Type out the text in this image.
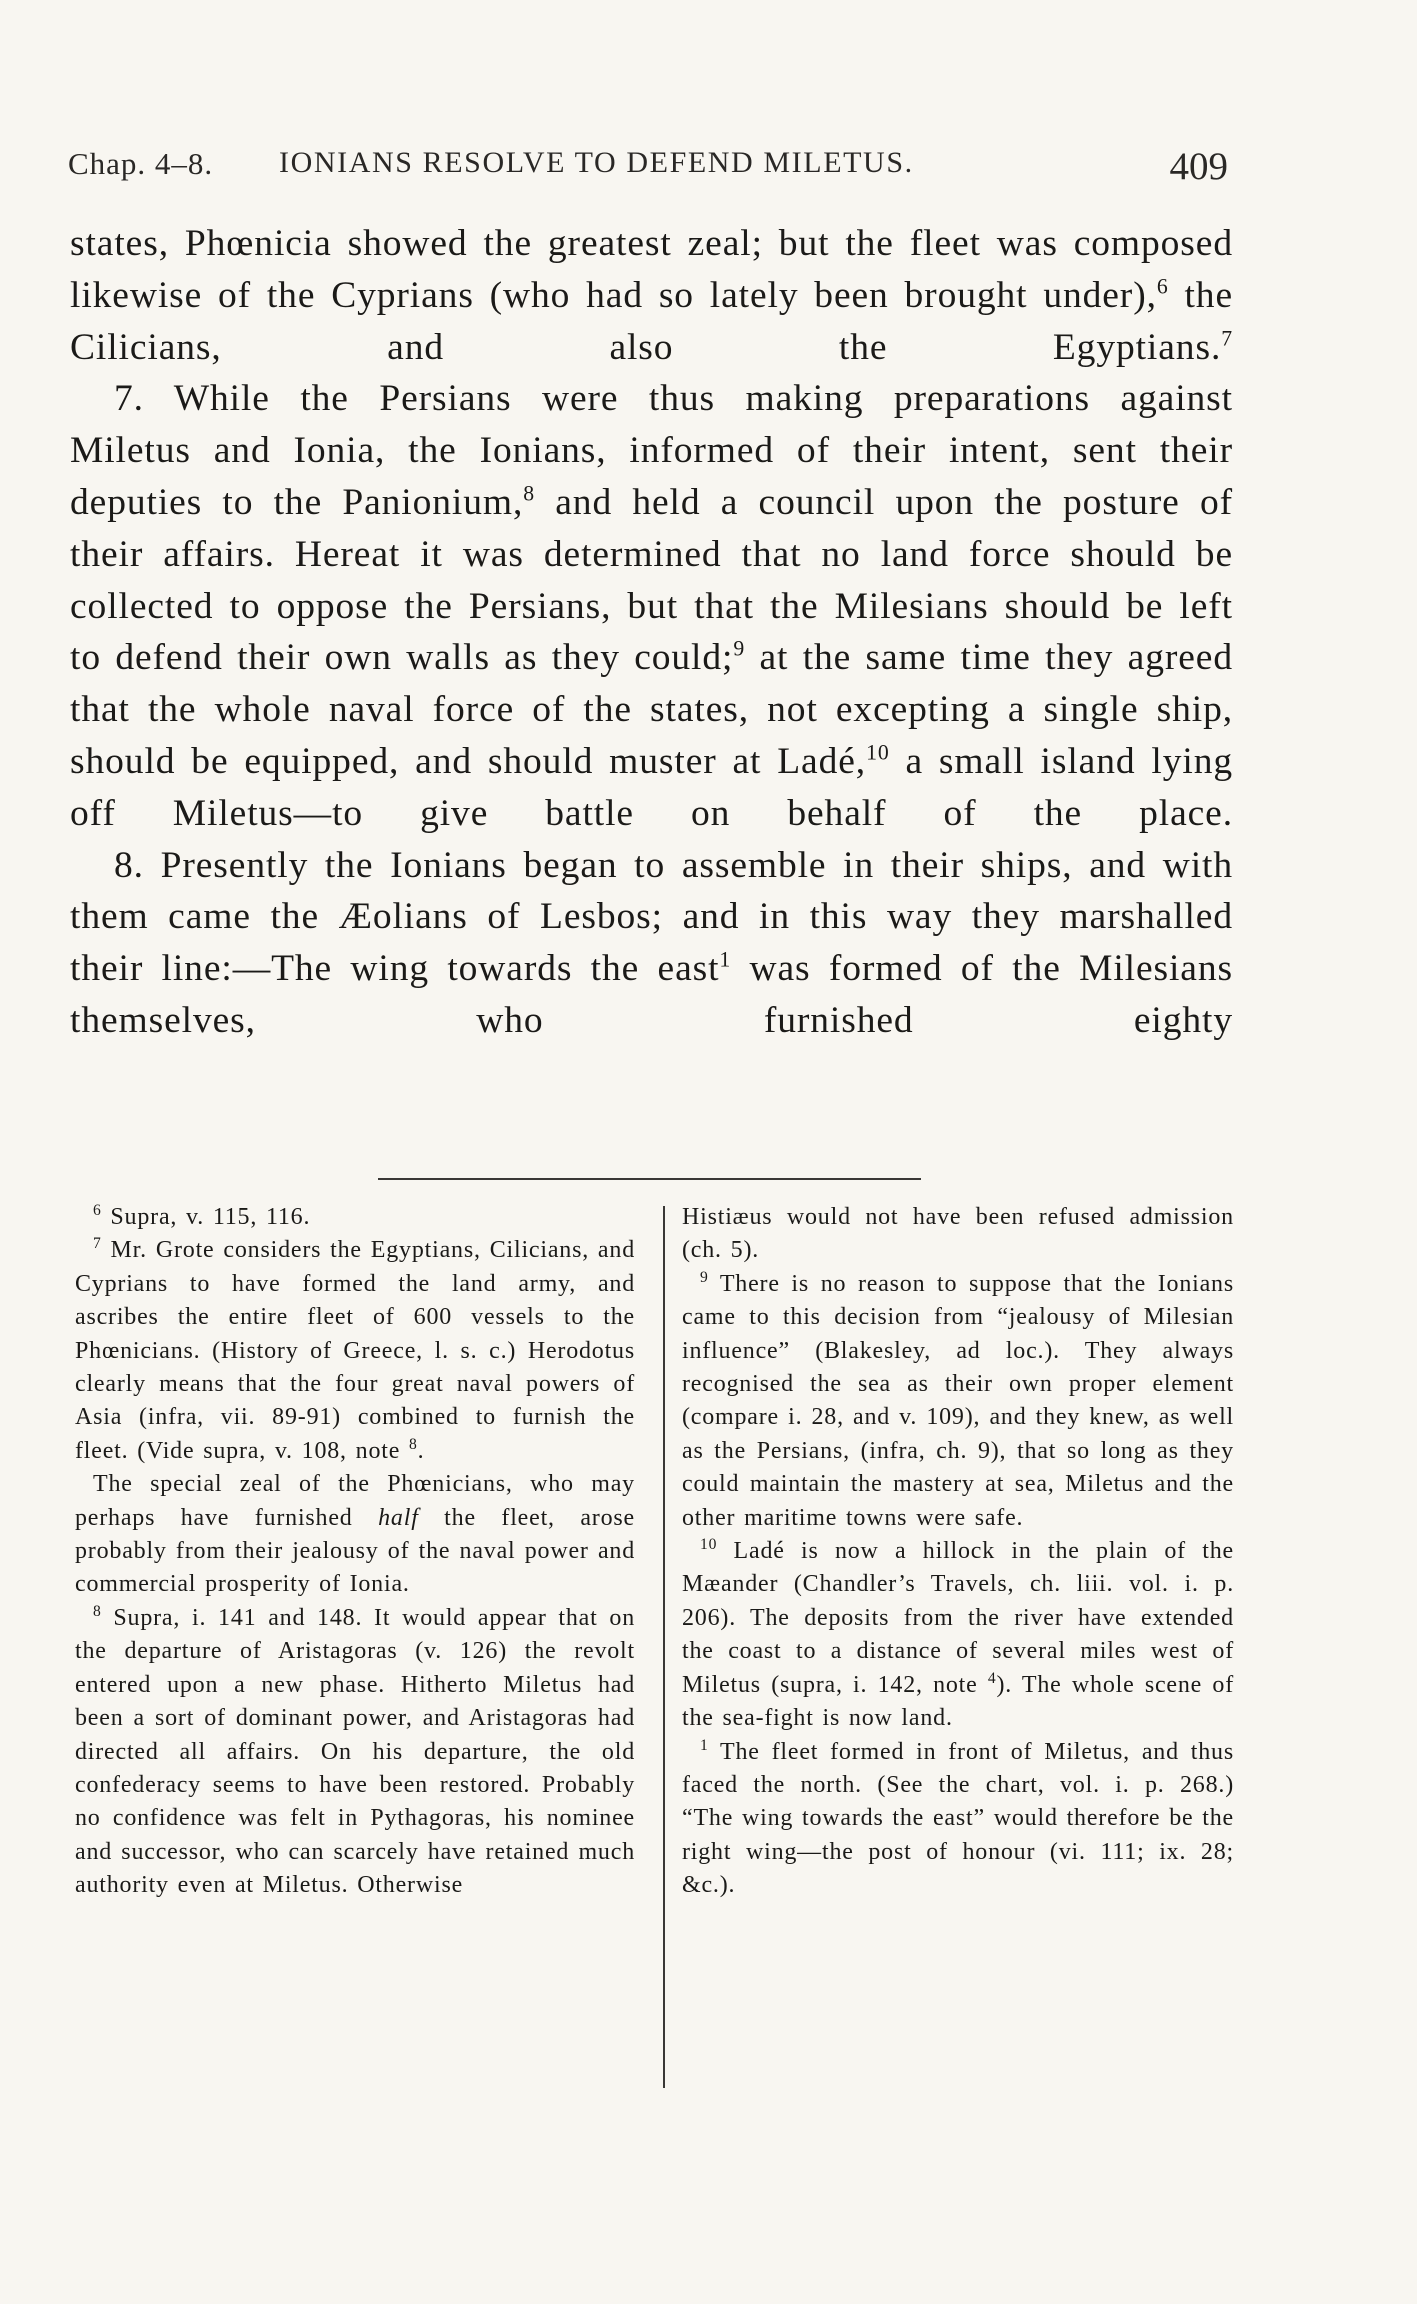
Chap. 4–8. IONIANS RESOLVE TO DEFEND MILETUS.	409

states, Phœnicia showed the greatest zeal; but the fleet was composed likewise of the Cyprians (who had so lately been brought under),$^6$ the Cilicians, and also the Egyptians.$^7$

7. While the Persians were thus making preparations against Miletus and Ionia, the Ionians, informed of their intent, sent their deputies to the Panionium,$^8$ and held a council upon the posture of their affairs. Hereat it was determined that no land force should be collected to oppose the Persians, but that the Milesians should be left to defend their own walls as they could;$^9$ at the same time they agreed that the whole naval force of the states, not excepting a single ship, should be equipped, and should muster at Ladé,$^{10}$ a small island lying off Miletus—to give battle on behalf of the place.

8. Presently the Ionians began to assemble in their ships, and with them came the Æolians of Lesbos; and in this way they marshalled their line:—The wing towards the east$^1$ was formed of the Milesians themselves, who furnished eighty

$^6$ Supra, v. 115, 116.

$^7$ Mr. Grote considers the Egyptians, Cilicians, and Cyprians to have formed the land army, and ascribes the entire fleet of 600 vessels to the Phœnicians. (History of Greece, l. s. c.) Herodotus clearly means that the four great naval powers of Asia (infra, vii. 89-91) combined to furnish the fleet. (Vide supra, v. 108, note $^8$.

The special zeal of the Phœnicians, who may perhaps have furnished half the fleet, arose probably from their jealousy of the naval power and commercial prosperity of Ionia.

$^8$ Supra, i. 141 and 148. It would appear that on the departure of Aristagoras (v. 126) the revolt entered upon a new phase. Hitherto Miletus had been a sort of dominant power, and Aristagoras had directed all affairs. On his departure, the old confederacy seems to have been restored. Probably no confidence was felt in Pythagoras, his nominee and successor, who can scarcely have retained much authority even at Miletus. Otherwise

Histiæus would not have been refused admission (ch. 5).

$^9$ There is no reason to suppose that the Ionians came to this decision from “jealousy of Milesian influence” (Blakesley, ad loc.). They always recognised the sea as their own proper element (compare i. 28, and v. 109), and they knew, as well as the Persians, (infra, ch. 9), that so long as they could maintain the mastery at sea, Miletus and the other maritime towns were safe.

$^{10}$ Ladé is now a hillock in the plain of the Mæander (Chandler’s Travels, ch. liii. vol. i. p. 206). The deposits from the river have extended the coast to a distance of several miles west of Miletus (supra, i. 142, note $^4$). The whole scene of the sea-fight is now land.

$^1$ The fleet formed in front of Miletus, and thus faced the north. (See the chart, vol. i. p. 268.) “The wing towards the east” would therefore be the right wing—the post of honour (vi. 111; ix. 28; &c.).
